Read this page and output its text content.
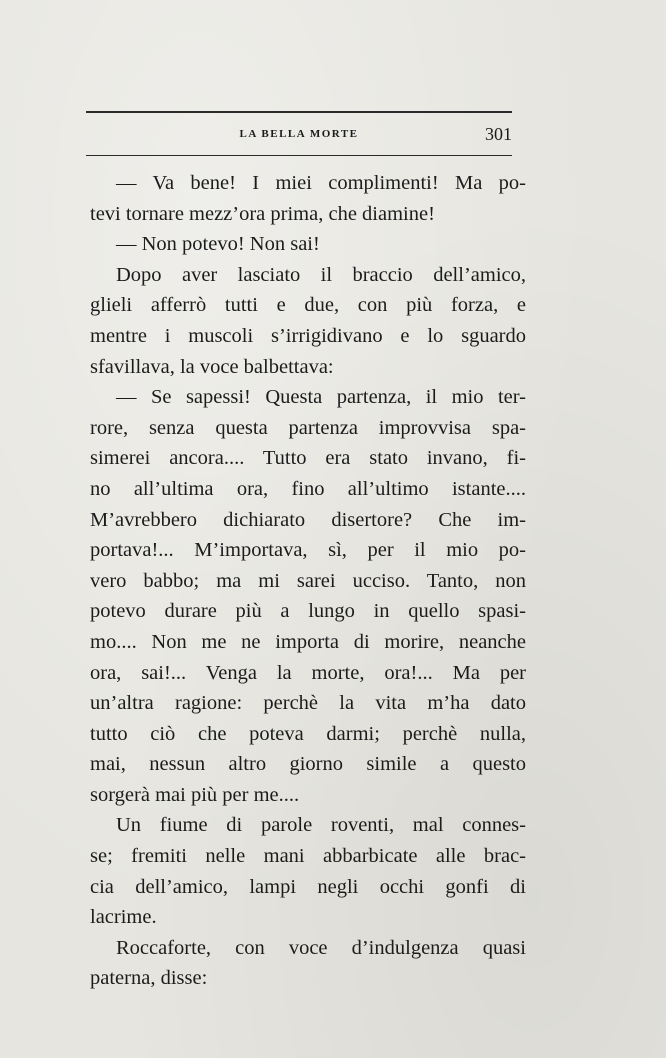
LA BELLA MORTE	301
— Va bene! I miei complimenti! Ma po-
tevi tornare mezz’ora prima, che diamine!
— Non potevo! Non sai!
Dopo aver lasciato il braccio dell’amico,
glieli afferrò tutti e due, con più forza, e
mentre i muscoli s’irrigidivano e lo sguardo
sfavillava, la voce balbettava:
— Se sapessi! Questa partenza, il mio ter-
rore, senza questa partenza improvvisa spa-
simerei ancora.... Tutto era stato invano, fi-
no all’ultima ora, fino all’ultimo istante....
M’avrebbero dichiarato disertore? Che im-
portava!... M’importava, sì, per il mio po-
vero babbo; ma mi sarei ucciso. Tanto, non
potevo durare più a lungo in quello spasi-
mo.... Non me ne importa di morire, neanche
ora, sai!... Venga la morte, ora!... Ma per
un’altra ragione: perchè la vita m’ha dato
tutto ciò che poteva darmi; perchè nulla,
mai, nessun altro giorno simile a questo
sorgerà mai più per me....
Un fiume di parole roventi, mal connes-
se; fremiti nelle mani abbarbicate alle brac-
cia dell’amico, lampi negli occhi gonfi di
lacrime.
Roccaforte, con voce d’indulgenza quasi
paterna, disse:
